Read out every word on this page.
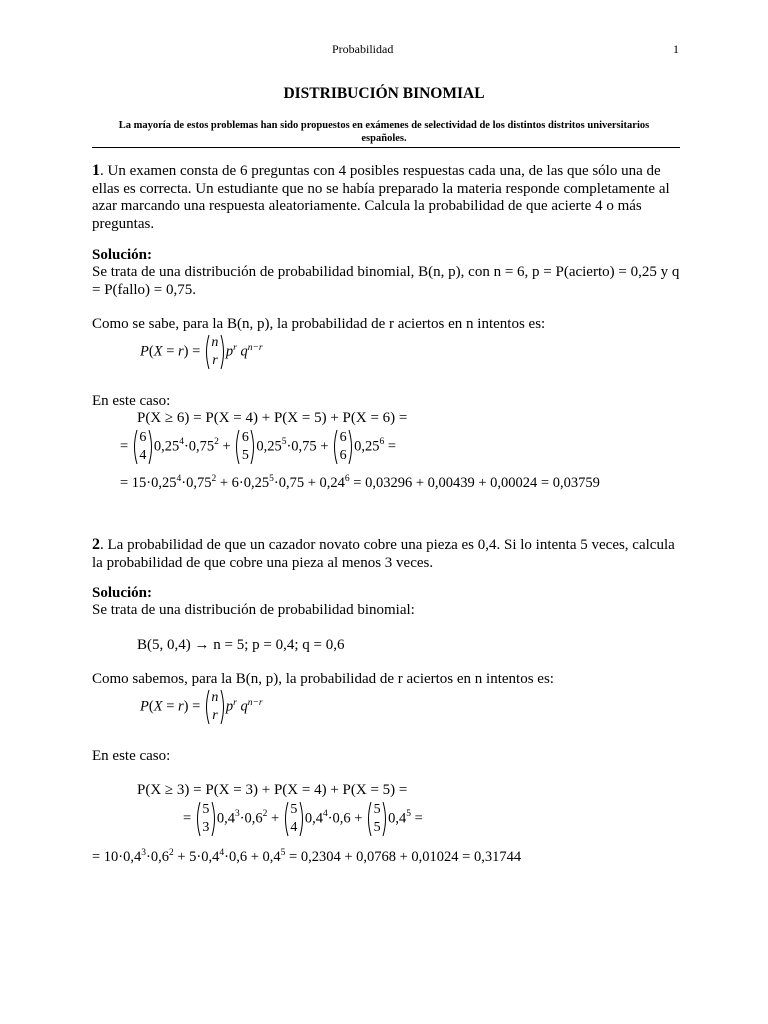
Probabilidad	1
DISTRIBUCIÓN BINOMIAL
La mayoría de estos problemas han sido propuestos en exámenes de selectividad de los distintos distritos universitarios españoles.
1. Un examen consta de 6 preguntas con 4 posibles respuestas cada una, de las que sólo una de ellas es correcta. Un estudiante que no se había preparado la materia responde completamente al azar marcando una respuesta aleatoriamente. Calcula la probabilidad de que acierte 4 o más preguntas.
Solución:
Se trata de una distribución de probabilidad binomial, B(n, p), con n = 6, p = P(acierto) = 0,25 y q = P(fallo) = 0,75.
Como se sabe, para la B(n, p), la probabilidad de r aciertos en n intentos es:
P(X = r) =
n
r
$p^r$ $q^{n-r}$
En este caso:
P(X ≥ 6) = P(X = 4) + P(X = 5) + P(X = 6) =
=
6
4
$0,25^4\cdot 0,75^2$ +
6
5
$0,25^5\cdot 0,75$ +
6
6
$0,25^6$ =
= $15\cdot 0,25^4\cdot 0,75^2 + 6\cdot 0,25^5\cdot 0,75 + 0,24^6 = 0,03296 + 0,00439 + 0,00024 = 0,03759$
2. La probabilidad de que un cazador novato cobre una pieza es 0,4. Si lo intenta 5 veces, calcula la probabilidad de que cobre una pieza al menos 3 veces.
Solución:
Se trata de una distribución de probabilidad binomial:
B(5, 0,4) → n = 5; p = 0,4; q = 0,6
Como sabemos, para la B(n, p), la probabilidad de r aciertos en n intentos es:
P(X = r) =
n
r
$p^r$ $q^{n-r}$
En este caso:
P(X ≥ 3) = P(X = 3) + P(X = 4) + P(X = 5) =
=
5
3
$0,4^3\cdot 0,6^2$ +
5
4
$0,4^4\cdot 0,6$ +
5
5
$0,4^5$ =
= $10\cdot 0,4^3\cdot 0,6^2 + 5\cdot 0,4^4\cdot 0,6 + 0,4^5 = 0,2304 + 0,0768 + 0,01024 = 0,31744$
